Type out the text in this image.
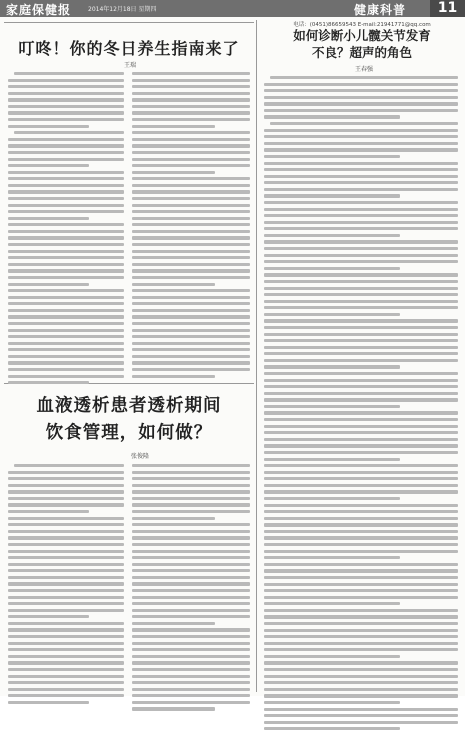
家庭保健报	2014年12月18日 星期四	健康科普	11
叮咚！你的冬日养生指南来了
王瑞
血液透析患者透析期间
饮食管理，如何做？
张俊隆
电话：(0451)86659543 E-mail:21941771@qq.com
如何诊断小儿髋关节发育
不良？超声的角色
王春强
